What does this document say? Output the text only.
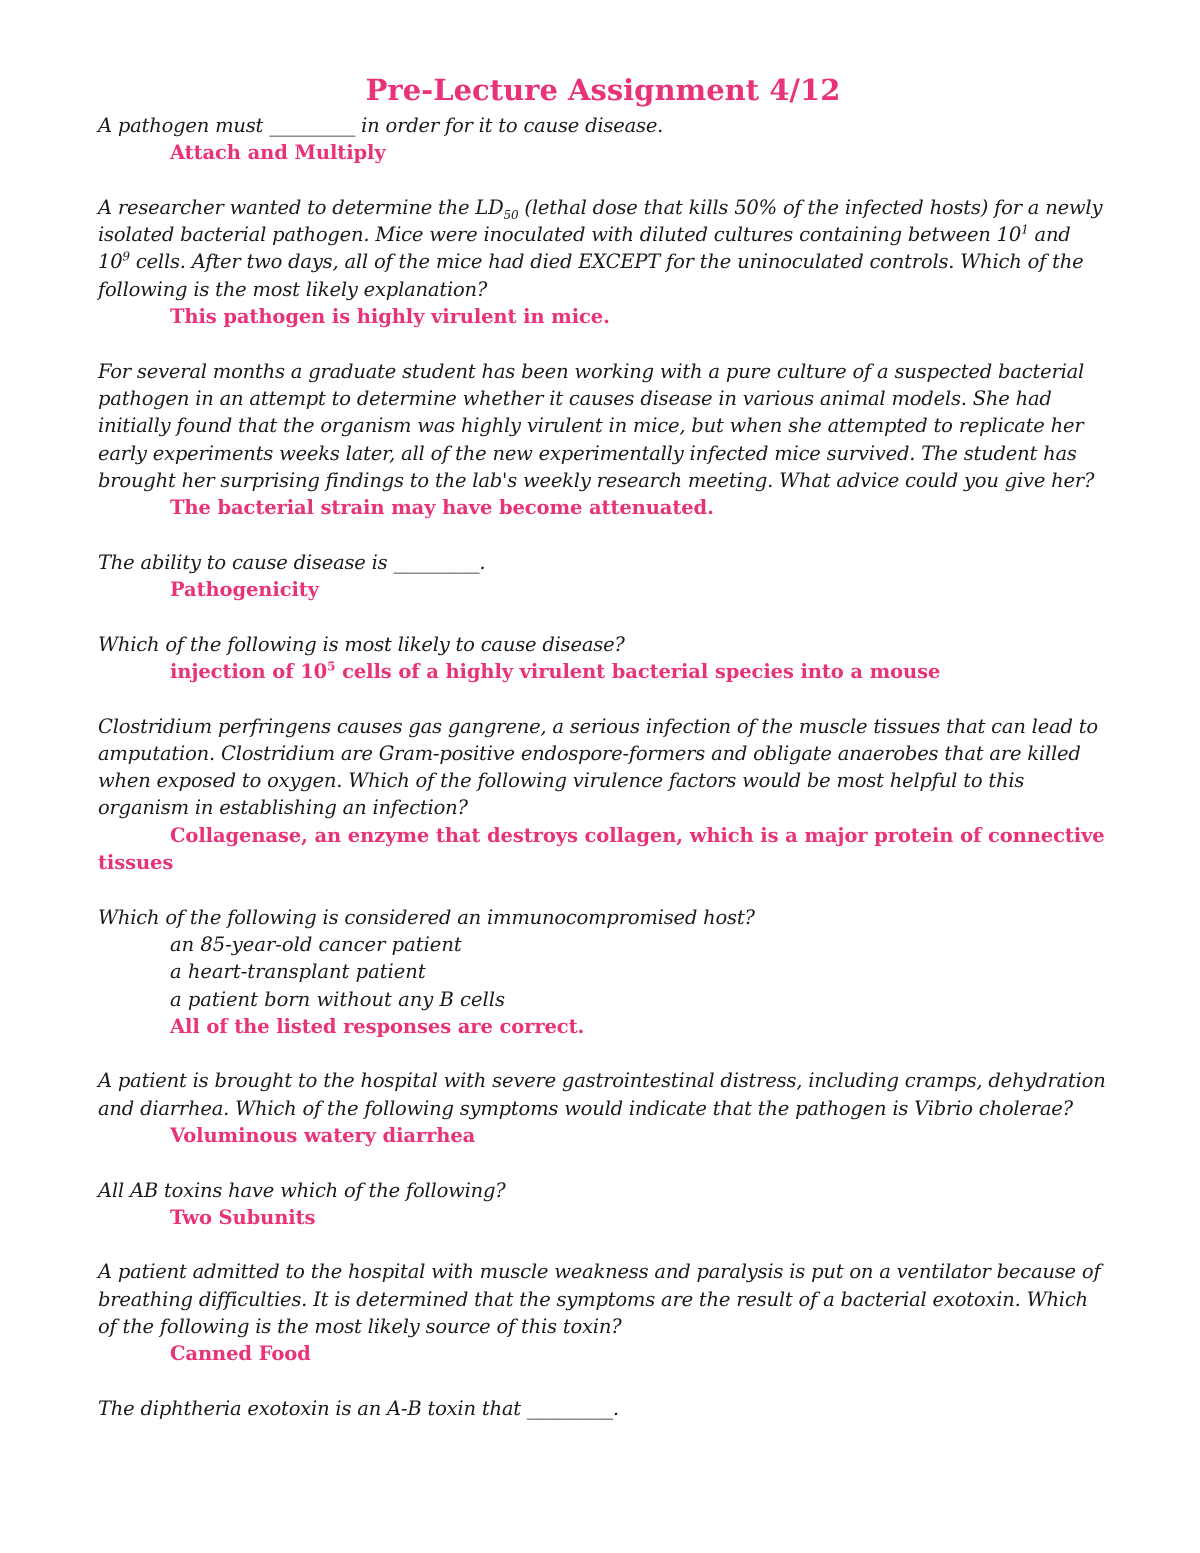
Pre-Lecture Assignment 4/12

A pathogen must _________ in order for it to cause disease.

Attach and Multiply

A researcher wanted to determine the $LD_{50}$ (lethal dose that kills 50% of the infected hosts) for a newly isolated bacterial pathogen. Mice were inoculated with diluted cultures containing between $10^1$ and $10^9$ cells. After two days, all of the mice had died EXCEPT for the uninoculated controls. Which of the following is the most likely explanation?

This pathogen is highly virulent in mice.

For several months a graduate student has been working with a pure culture of a suspected bacterial pathogen in an attempt to determine whether it causes disease in various animal models. She had initially found that the organism was highly virulent in mice, but when she attempted to replicate her early experiments weeks later, all of the new experimentally infected mice survived. The student has brought her surprising findings to the lab's weekly research meeting. What advice could you give her?

The bacterial strain may have become attenuated.

The ability to cause disease is _________.

Pathogenicity

Which of the following is most likely to cause disease?

injection of $10^5$ cells of a highly virulent bacterial species into a mouse

Clostridium perfringens causes gas gangrene, a serious infection of the muscle tissues that can lead to amputation. Clostridium are Gram-positive endospore-formers and obligate anaerobes that are killed when exposed to oxygen. Which of the following virulence factors would be most helpful to this organism in establishing an infection?

Collagenase, an enzyme that destroys collagen, which is a major protein of connective tissues

Which of the following is considered an immunocompromised host?

an 85-year-old cancer patient

a heart-transplant patient

a patient born without any B cells

All of the listed responses are correct.

A patient is brought to the hospital with severe gastrointestinal distress, including cramps, dehydration and diarrhea. Which of the following symptoms would indicate that the pathogen is Vibrio cholerae?

Voluminous watery diarrhea

All AB toxins have which of the following?

Two Subunits

A patient admitted to the hospital with muscle weakness and paralysis is put on a ventilator because of breathing difficulties. It is determined that the symptoms are the result of a bacterial exotoxin. Which of the following is the most likely source of this toxin?

Canned Food

The diphtheria exotoxin is an A-B toxin that _________.
